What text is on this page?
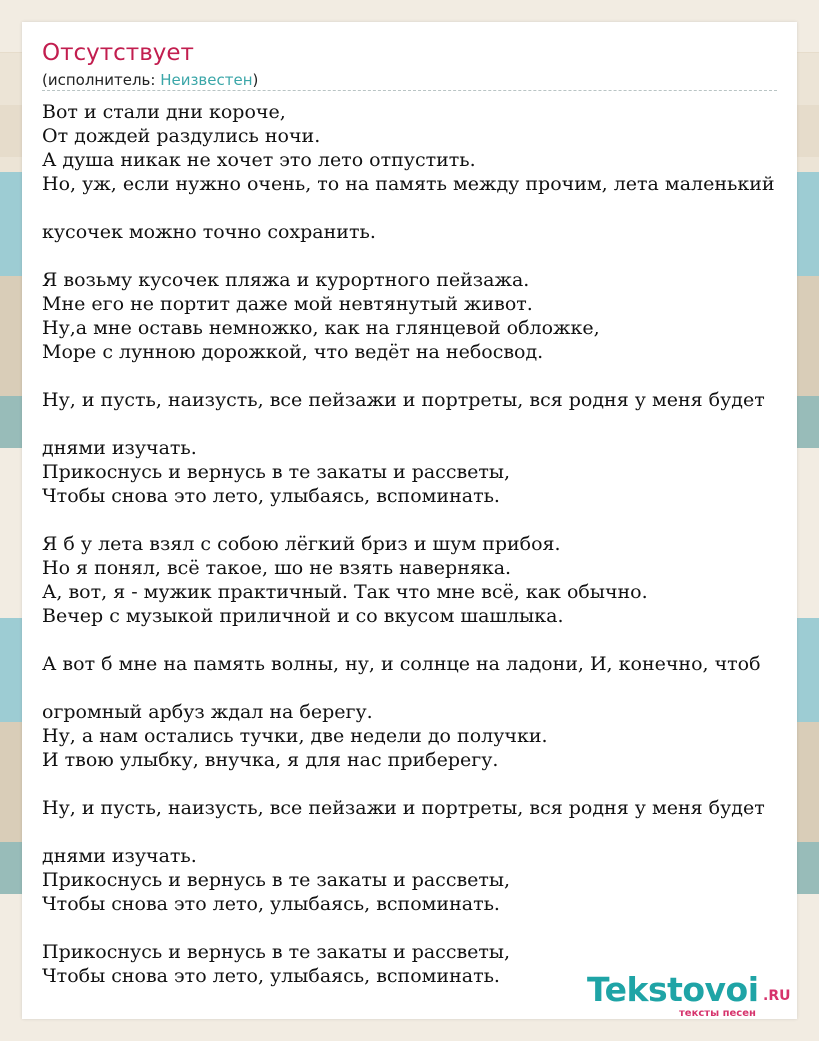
Отсутствует
(исполнитель: Неизвестен)
Вот и стали дни короче,
От дождей раздулись ночи.
А душа никак не хочет это лето отпустить.
Но, уж, если нужно очень, то на память между прочим, лета маленький
кусочек можно точно сохранить.
Я возьму кусочек пляжа и курортного пейзажа.
Мне его не портит даже мой невтянутый живот.
Ну,а мне оставь немножко, как на глянцевой обложке,
Море с лунною дорожкой, что ведёт на небосвод.
Ну, и пусть, наизусть, все пейзажи и портреты, вся родня у меня будет
днями изучать.
Прикоснусь и вернусь в те закаты и рассветы,
Чтобы снова это лето, улыбаясь, вспоминать.
Я б у лета взял с собою лёгкий бриз и шум прибоя.
Но я понял, всё такое, шо не взять наверняка.
А, вот, я - мужик практичный. Так что мне всё, как обычно.
Вечер с музыкой приличной и со вкусом шашлыка.
А вот б мне на память волны, ну, и солнце на ладони, И, конечно, чтоб
огромный арбуз ждал на берегу.
Ну, а нам остались тучки, две недели до получки.
И твою улыбку, внучка, я для нас приберегу.
Ну, и пусть, наизусть, все пейзажи и портреты, вся родня у меня будет
днями изучать.
Прикоснусь и вернусь в те закаты и рассветы,
Чтобы снова это лето, улыбаясь, вспоминать.
Прикоснусь и вернусь в те закаты и рассветы,
Чтобы снова это лето, улыбаясь, вспоминать.	Tekstovoi .RU
тексты песен
